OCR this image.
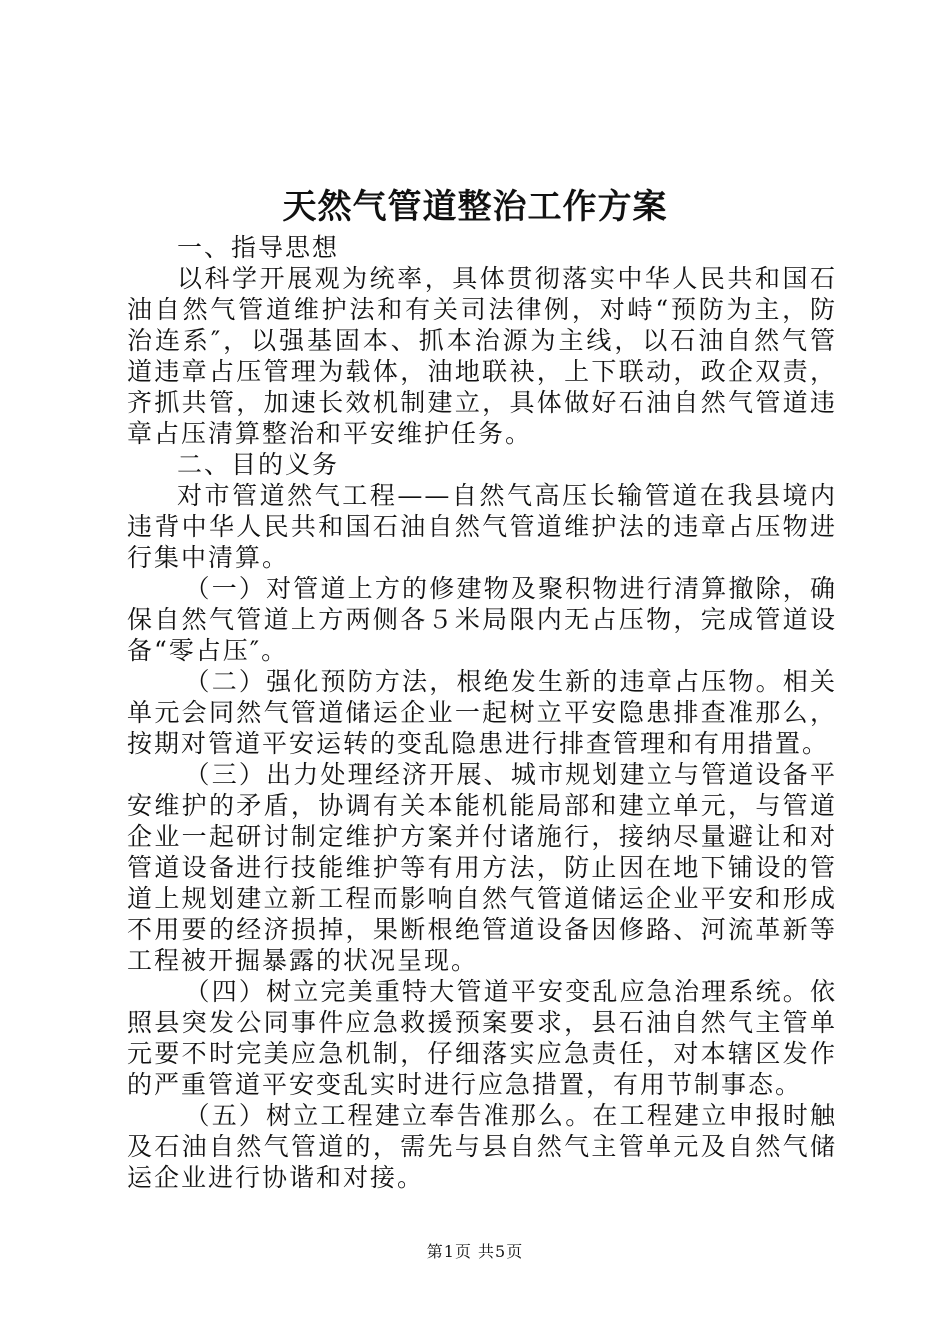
天然气管道整治工作方案

一、指导思想

以科学开展观为统率，具体贯彻落实中华人民共和国石油自然气管道维护法和有关司法律例，对峙“预防为主，防治连系″，以强基固本、抓本治源为主线，以石油自然气管道违章占压管理为载体，油地联袂，上下联动，政企双责，齐抓共管，加速长效机制建立，具体做好石油自然气管道违章占压清算整治和平安维护任务。

二、目的义务

对市管道然气工程——自然气高压长输管道在我县境内违背中华人民共和国石油自然气管道维护法的违章占压物进行集中清算。

（一）对管道上方的修建物及聚积物进行清算撤除，确保自然气管道上方两侧各５米局限内无占压物，完成管道设备“零占压″。

（二）强化预防方法，根绝发生新的违章占压物。相关单元会同然气管道储运企业一起树立平安隐患排查准那么，按期对管道平安运转的变乱隐患进行排查管理和有用措置。

（三）出力处理经济开展、城市规划建立与管道设备平安维护的矛盾，协调有关本能机能局部和建立单元，与管道企业一起研讨制定维护方案并付诸施行，接纳尽量避让和对管道设备进行技能维护等有用方法，防止因在地下铺设的管道上规划建立新工程而影响自然气管道储运企业平安和形成不用要的经济损掉，果断根绝管道设备因修路、河流革新等工程被开掘暴露的状况呈现。

（四）树立完美重特大管道平安变乱应急治理系统。依照县突发公同事件应急救援预案要求，县石油自然气主管单元要不时完美应急机制，仔细落实应急责任，对本辖区发作的严重管道平安变乱实时进行应急措置，有用节制事态。

（五）树立工程建立奉告准那么。在工程建立申报时触及石油自然气管道的，需先与县自然气主管单元及自然气储运企业进行协谐和对接。

第1页 共5页
